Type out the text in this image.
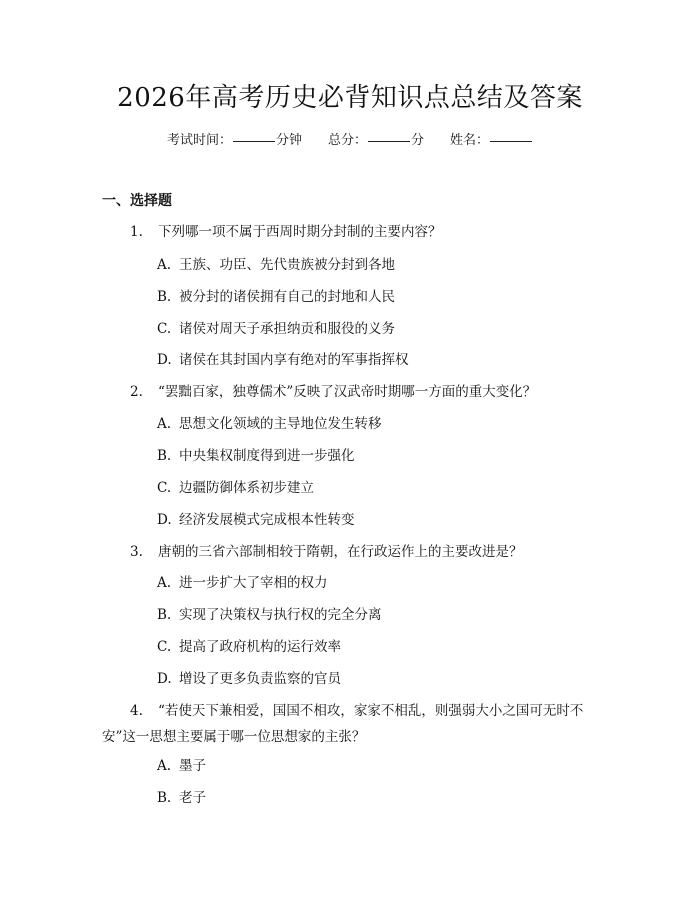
2026年高考历史必背知识点总结及答案
考试时间：	分钟 总分：	分 姓名：
一、选择题
1. 下列哪一项不属于西周时期分封制的主要内容？
A. 王族、功臣、先代贵族被分封到各地
B. 被分封的诸侯拥有自己的封地和人民
C. 诸侯对周天子承担纳贡和服役的义务
D. 诸侯在其封国内享有绝对的军事指挥权
2. “罢黜百家，独尊儒术”反映了汉武帝时期哪一方面的重大变化？
A. 思想文化领域的主导地位发生转移
B. 中央集权制度得到进一步强化
C. 边疆防御体系初步建立
D. 经济发展模式完成根本性转变
3. 唐朝的三省六部制相较于隋朝，在行政运作上的主要改进是？
A. 进一步扩大了宰相的权力
B. 实现了决策权与执行权的完全分离
C. 提高了政府机构的运行效率
D. 增设了更多负责监察的官员
4. “若使天下兼相爱，国国不相攻，家家不相乱，则强弱大小之国可无时不安”这一思想主要属于哪一位思想家的主张？
A. 墨子
B. 老子
